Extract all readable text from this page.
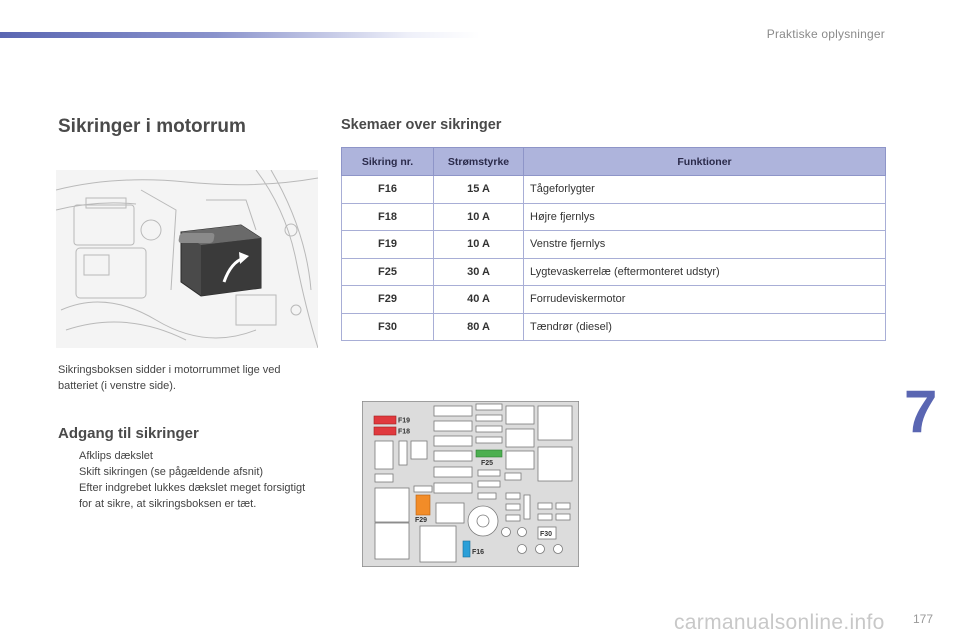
Praktiske oplysninger
Sikringer i motorrum

Sikringsboksen sidder i motorrummet lige ved batteriet (i venstre side).

Adgang til sikringer
Afklips dækslet
Skift sikringen (se pågældende afsnit)
Efter indgrebet lukkes dækslet meget forsigtigt for at sikre, at sikringsboksen er tæt.
Skemaer over sikringer
Sikring nr.	Strømstyrke	Funktioner
F16	15 A	Tågeforlygter
F18	10 A	Højre fjernlys
F19	10 A	Venstre fjernlys
F25	30 A	Lygtevaskerrelæ (eftermonteret udstyr)
F29	40 A	Forrudeviskermotor
F30	80 A	Tændrør (diesel)
F19
F18
F25
F29
F16
F30
7
carmanualsonline.info 177
